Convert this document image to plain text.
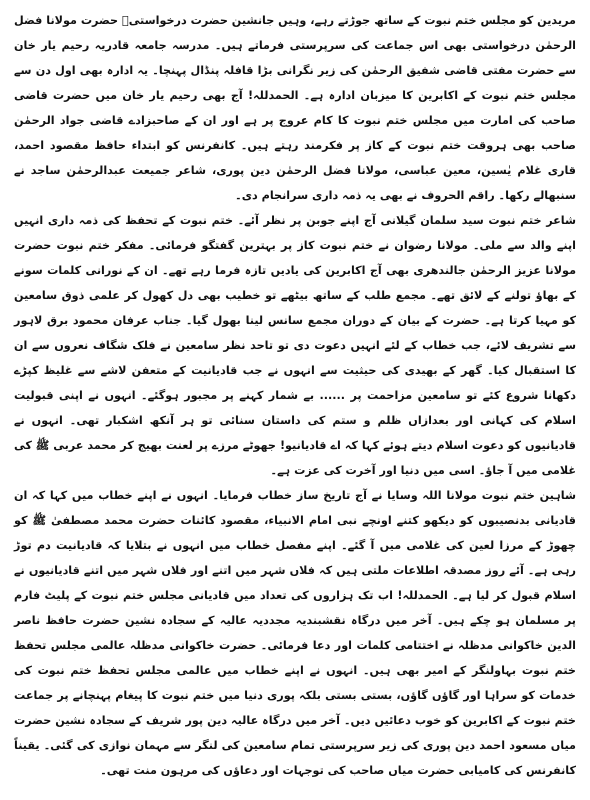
مریدین کو مجلس ختم نبوت کے ساتھ جوڑتے رہے، وہیں جانشین حضرت درخواستیؒ حضرت مولانا فضل الرحمٰن درخواستی بھی اس جماعت کی سرپرستی فرماتے ہیں۔ مدرسہ جامعہ قادریہ رحیم یار خان سے حضرت مفتی قاضی شفیق الرحمٰن کی زیر نگرانی بڑا قافلہ پنڈال پہنچا۔ یہ ادارہ بھی اول دن سے مجلس ختم نبوت کے اکابرین کا میزبان ادارہ ہے۔ الحمدللہ! آج بھی رحیم یار خان میں حضرت قاضی صاحب کی امارت میں مجلس ختم نبوت کا کام عروج پر ہے اور ان کے صاحبزادے قاضی جواد الرحمٰن صاحب بھی ہروقت ختم نبوت کے کاز پر فکرمند رہتے ہیں۔ کانفرنس کو ابتداء حافظ مقصود احمد، قاری غلام یٰسین، معین عباسی، مولانا فضل الرحمٰن دین پوری، شاعر جمیعت عبدالرحمٰن ساجد نے سنبھالے رکھا۔ راقم الحروف نے بھی یہ ذمہ داری سرانجام دی۔

شاعر ختم نبوت سید سلمان گیلانی آج اپنے جوبن پر نظر آئے۔ ختم نبوت کے تحفظ کی ذمہ داری انہیں اپنے والد سے ملی۔ مولانا رضوان نے ختم نبوت کاز پر بہترین گفتگو فرمائی۔ مفکر ختم نبوت حضرت مولانا عزیز الرحمٰن جالندھری بھی آج اکابرین کی یادیں تازہ فرما رہے تھے۔ ان کے نورانی کلمات سونے کے بھاؤ تولنے کے لائق تھے۔ مجمع طلب کے ساتھ بیٹھے تو خطیب بھی دل کھول کر علمی ذوق سامعین کو مہیا کرتا ہے۔ حضرت کے بیان کے دوران مجمع سانس لینا بھول گیا۔ جناب عرفان محمود برق لاہور سے تشریف لائے، جب خطاب کے لئے انہیں دعوت دی تو تاحد نظر سامعین نے فلک شگاف نعروں سے ان کا استقبال کیا۔ گھر کے بھیدی کی حیثیت سے انہوں نے جب قادیانیت کے متعفن لاشے سے غلیظ کپڑے دکھانا شروع کئے تو سامعین مزاحمت پر ...... بے شمار کہنے پر مجبور ہوگئے۔ انہوں نے اپنی قبولیت اسلام کی کہانی اور بعدازاں ظلم و ستم کی داستان سنائی تو ہر آنکھ اشکبار تھی۔ انہوں نے قادیانیوں کو دعوت اسلام دیتے ہوئے کہا کہ اے قادیانیو! جھوٹے مرزے پر لعنت بھیج کر محمد عربی ﷺ کی غلامی میں آ جاؤ۔ اسی میں دنیا اور آخرت کی عزت ہے۔

شاہین ختم نبوت مولانا اللہ وسایا نے آج تاریخ ساز خطاب فرمایا۔ انہوں نے اپنے خطاب میں کہا کہ ان قادیانی بدنصیبوں کو دیکھو کتنے اونچے نبی امام الانبیاء، مقصود کائنات حضرت محمد مصطفیٰ ﷺ کو چھوڑ کے مرزا لعین کی غلامی میں آ گئے۔ اپنے مفصل خطاب میں انہوں نے بتلایا کہ قادیانیت دم توڑ رہی ہے۔ آئے روز مصدقہ اطلاعات ملتی ہیں کہ فلاں شہر میں اتنے اور فلاں شہر میں اتنے قادیانیوں نے اسلام قبول کر لیا ہے۔ الحمدللہ! اب تک ہزاروں کی تعداد میں قادیانی مجلس ختم نبوت کے پلیٹ فارم پر مسلمان ہو چکے ہیں۔ آخر میں درگاہ نقشبندیہ مجددیہ عالیہ کے سجادہ نشین حضرت حافظ ناصر الدین خاکوانی مدظلہ نے اختتامی کلمات اور دعا فرمائی۔ حضرت خاکوانی مدظلہ عالمی مجلس تحفظ ختم نبوت بہاولنگر کے امیر بھی ہیں۔ انہوں نے اپنے خطاب میں عالمی مجلس تحفظ ختم نبوت کی خدمات کو سراہا اور گاؤں گاؤں، بستی بستی بلکہ پوری دنیا میں ختم نبوت کا پیغام پہنچانے پر جماعت ختم نبوت کے اکابرین کو خوب دعائیں دیں۔ آخر میں درگاہ عالیہ دین پور شریف کے سجادہ نشین حضرت میاں مسعود احمد دین پوری کی زیر سرپرستی تمام سامعین کی لنگر سے مہمان نوازی کی گئی۔ یقیناً کانفرنس کی کامیابی حضرت میاں صاحب کی توجہات اور دعاؤں کی مرہون منت تھی۔
